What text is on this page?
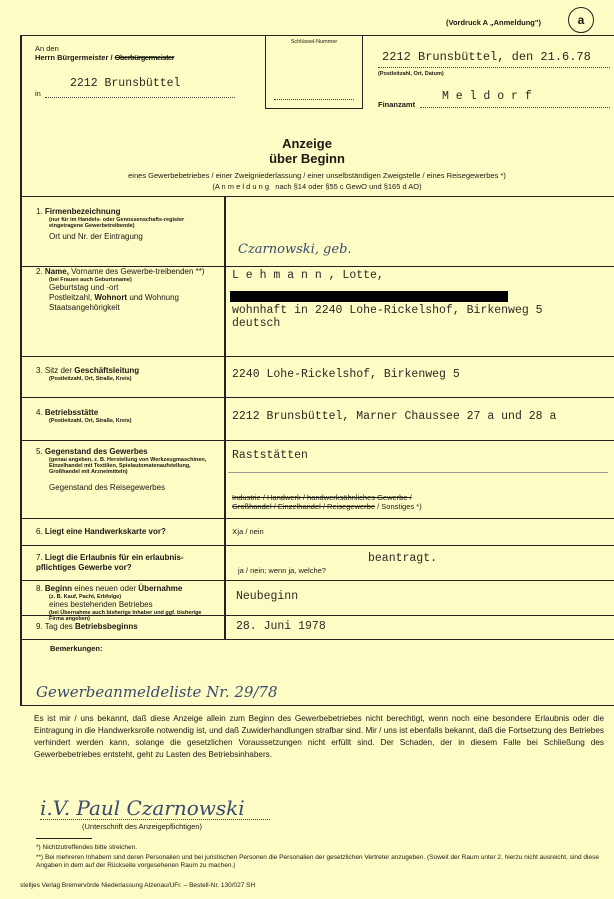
(Vordruck A „Anmeldung")	a
Schlüssel-Nummer
An den
Herrn Bürgermeister / Oberbürgermeister
2212 Brunsbüttel
in
2212 Brunsbüttel, den 21.6.78
(Postleitzahl, Ort, Datum)
Finanzamt
M e l d o r f
Anzeige
über Beginn
eines Gewerbebetriebes / einer Zweigniederlassung / einer unselbständigen Zweigstelle / eines Reisegewerbes *)
(A n m e l d u n g   nach §14 oder §55 c GewO und §165 d AO)
1. Firmenbezeichnung
(nur für im Handels- oder Genossenschafts-register eingetragene Gewerbetreibende)
Ort und Nr. der Eintragung
Czarnowski, geb.
2. Name, Vorname des Gewerbe-treibenden **)
(bei Frauen auch Geburtsname)
Geburtstag und -ort
Postleitzahl, Wohnort und Wohnung
Staatsangehörigkeit
L e h m a n n , Lotte,
wohnhaft in 2240 Lohe-Rickelshof, Birkenweg 5
deutsch
3. Sitz der Geschäftsleitung
(Postleitzahl, Ort, Straße, Kreis)	2240 Lohe-Rickelshof, Birkenweg 5
4. Betriebsstätte
(Postleitzahl, Ort, Straße, Kreis)	2212 Brunsbüttel, Marner Chaussee 27 a und 28 a
5. Gegenstand des Gewerbes
(genau angeben, z. B. Herstellung von Werkzeugmaschinen, Einzelhandel mit Textilien, Spielautomatenaufstellung, Großhandel mit Arzneimitteln)
Gegenstand des Reisegewerbes
Raststätten
Industrie / Handwerk / handwerksähnliches Gewerbe /
Großhandel / Einzelhandel / Reisegewerbe / Sonstiges *)
6. Liegt eine Handwerkskarte vor?	xja / nein
7. Liegt die Erlaubnis für ein erlaubnis-pflichtiges Gewerbe vor?
beantragt.
ja / nein; wenn ja, welche?
8. Beginn eines neuen oder Übernahme
(z. B. Kauf, Pacht, Erbfolge)
eines bestehenden Betriebes
(bei Übernahme auch bisherige Inhaber und ggf. bisherige Firma angeben)
Neubeginn
9. Tag des Betriebsbeginns	28. Juni 1978
Bemerkungen:
Gewerbeanmeldeliste Nr. 29/78
Es ist mir / uns bekannt, daß diese Anzeige allein zum Beginn des Gewerbebetriebes nicht berechtigt, wenn noch eine besondere Erlaubnis oder die Eintragung in die Handwerksrolle notwendig ist, und daß Zuwiderhandlungen strafbar sind. Mir / uns ist ebenfalls bekannt, daß die Fortsetzung des Betriebes verhindert werden kann, solange die gesetzlichen Voraussetzungen nicht erfüllt sind. Der Schaden, der in diesem Falle bei Schließung des Gewerbebetriebes entsteht, geht zu Lasten des Betriebsinhabers.
i.V. Paul Czarnowski
(Unterschrift des Anzeigepflichtigen)
*) Nichtzutreffendes bitte streichen.
**) Bei mehreren Inhabern sind deren Personalien und bei juristischen Personen die Personalien der gesetzlichen Vertreter anzugeben. (Soweit der Raum unter 2. hierzu nicht ausreicht, sind diese Angaben in dem auf der Rückseite vorgesehenen Raum zu machen.)
stelljes Verlag Bremervörde Niederlassung Alzenau/UFr. – Bestell-Nr. 130/027 SH
